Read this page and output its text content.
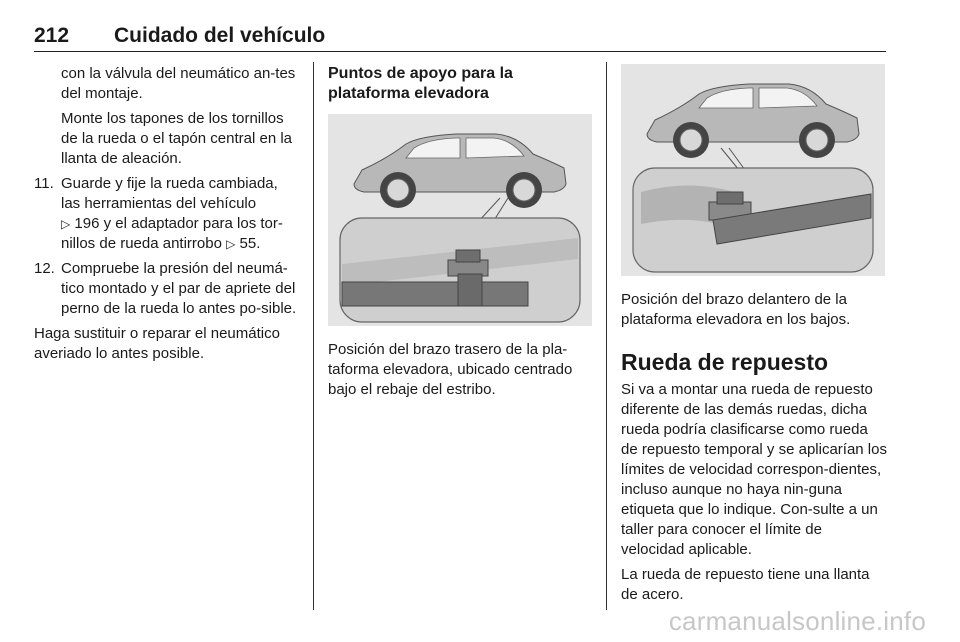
212 Cuidado del vehículo
con la válvula del neumático an-tes del montaje.
Monte los tapones de los tornillos de la rueda o el tapón central en la llanta de aleación.
11. Guarde y fije la rueda cambiada, las herramientas del vehículo
▷ 196 y el adaptador para los tor-nillos de rueda antirrobo ▷ 55.
12. Compruebe la presión del neumá-tico montado y el par de apriete del perno de la rueda lo antes po-sible.
Haga sustituir o reparar el neumático averiado lo antes posible.
Puntos de apoyo para la plataforma elevadora
Posición del brazo trasero de la pla-taforma elevadora, ubicado centrado bajo el rebaje del estribo.
Posición del brazo delantero de la plataforma elevadora en los bajos.
Rueda de repuesto
Si va a montar una rueda de repuesto diferente de las demás ruedas, dicha rueda podría clasificarse como rueda de repuesto temporal y se aplicarían los límites de velocidad correspon-dientes, incluso aunque no haya nin-guna etiqueta que lo indique. Con-sulte a un taller para conocer el límite de velocidad aplicable.
La rueda de repuesto tiene una llanta de acero.
carmanualsonline.info
